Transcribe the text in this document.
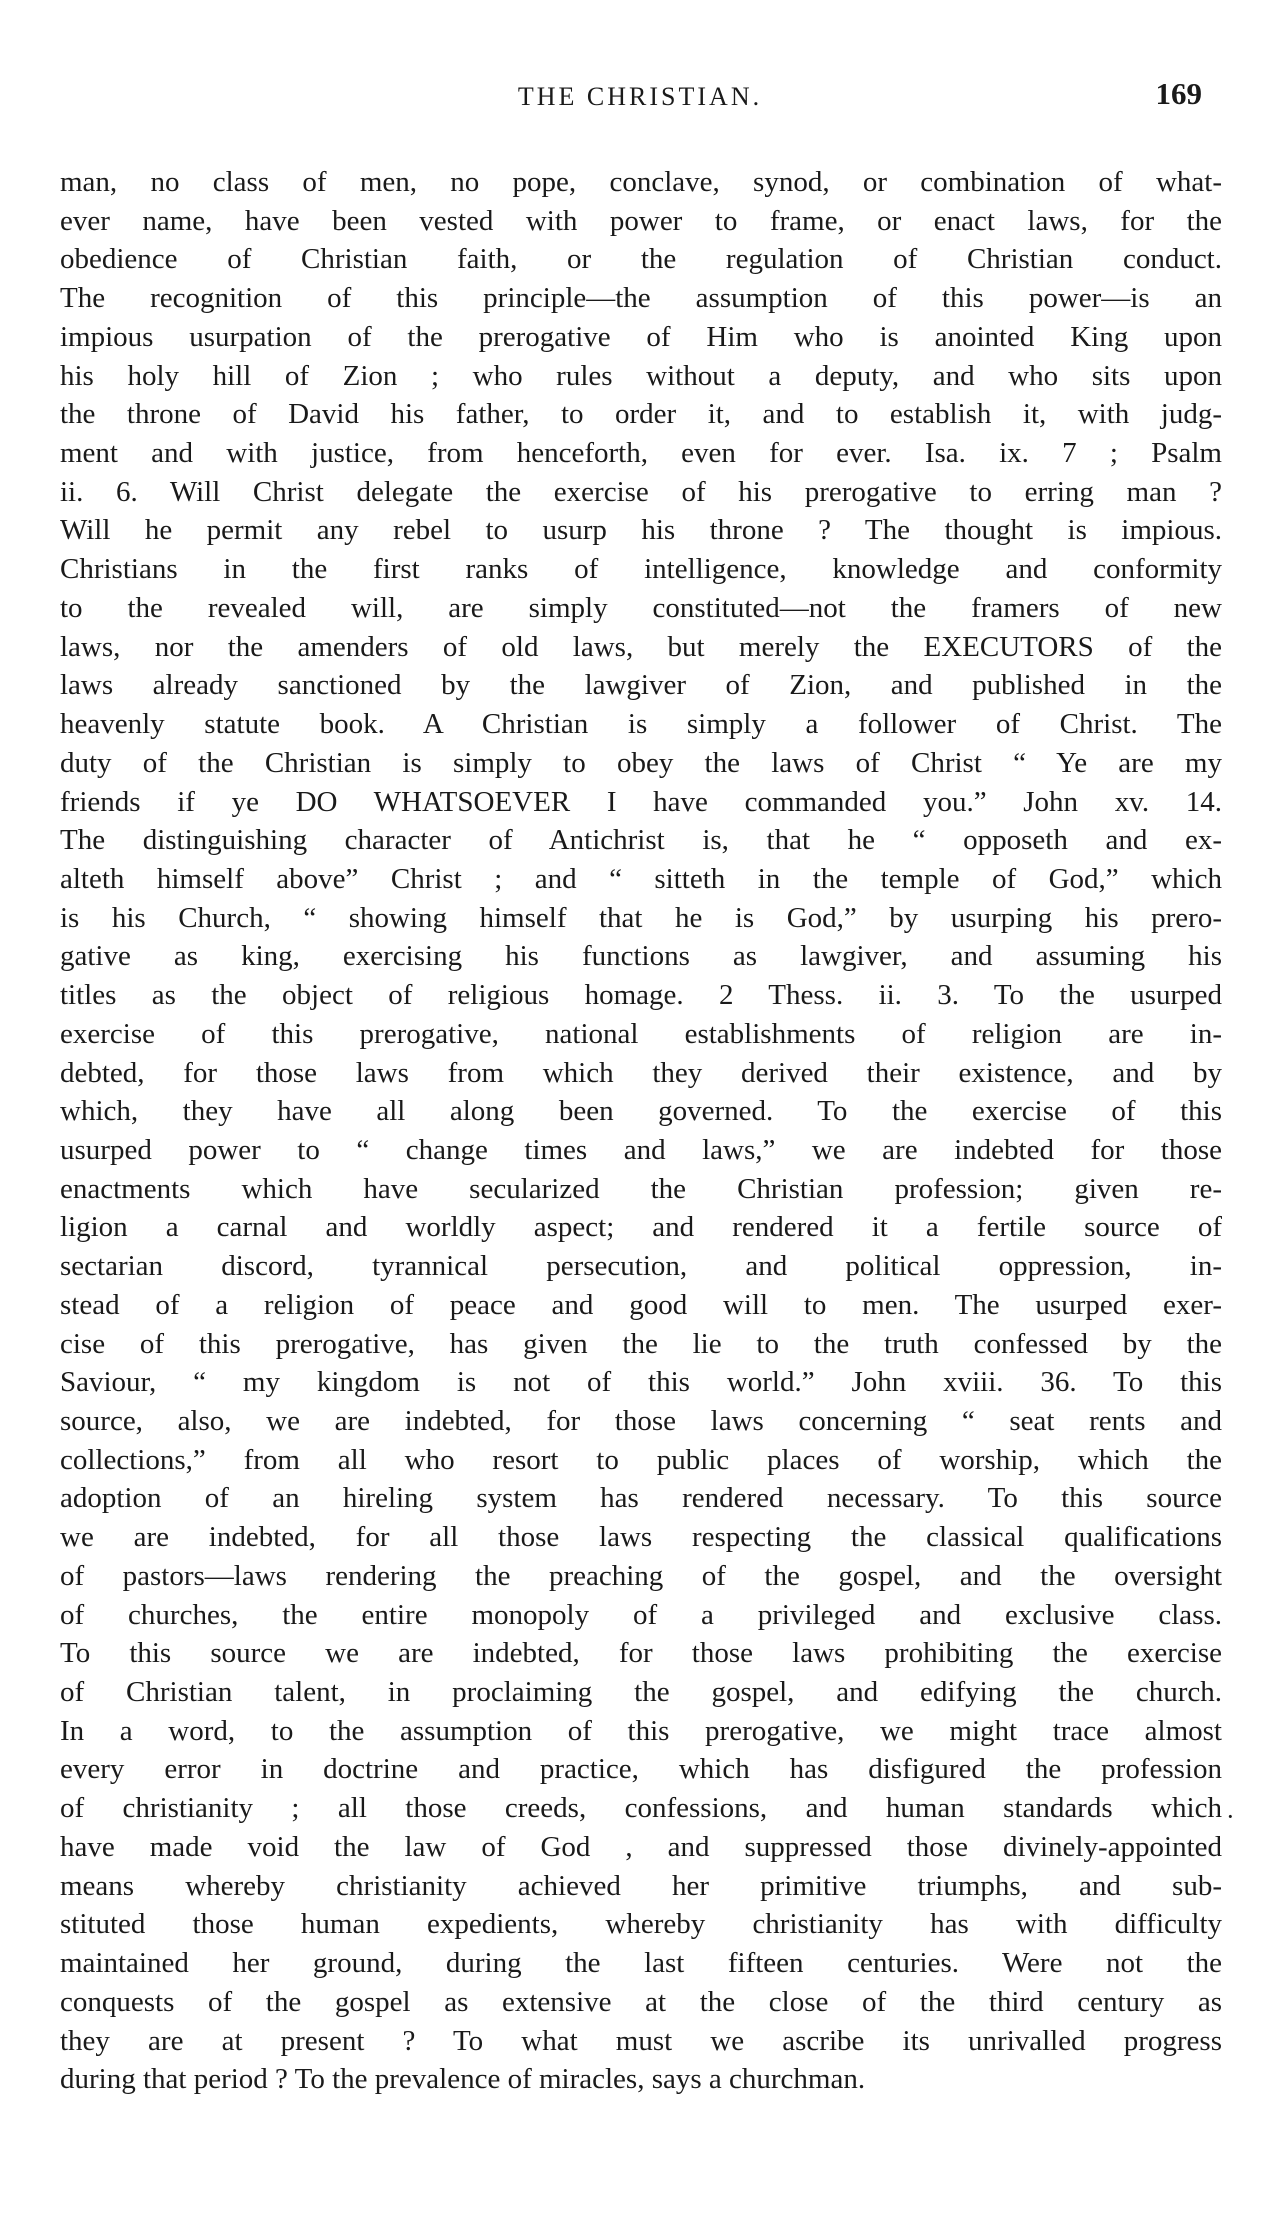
THE CHRISTIAN.	169
man, no class of men, no pope, conclave, synod, or combination of what-
ever name, have been vested with power to frame, or enact laws, for the
obedience of Christian faith, or the regulation of Christian conduct.
The recognition of this principle—the assumption of this power—is an
impious usurpation of the prerogative of Him who is anointed King upon
his holy hill of Zion ; who rules without a deputy, and who sits upon
the throne of David his father, to order it, and to establish it, with judg-
ment and with justice, from henceforth, even for ever. Isa. ix. 7 ; Psalm
ii. 6. Will Christ delegate the exercise of his prerogative to erring man ?
Will he permit any rebel to usurp his throne ? The thought is impious.
Christians in the first ranks of intelligence, knowledge and conformity
to the revealed will, are simply constituted—not the framers of new
laws, nor the amenders of old laws, but merely the EXECUTORS of the
laws already sanctioned by the lawgiver of Zion, and published in the
heavenly statute book. A Christian is simply a follower of Christ. The
duty of the Christian is simply to obey the laws of Christ “ Ye are my
friends if ye DO WHATSOEVER I have commanded you.” John xv. 14.
The distinguishing character of Antichrist is, that he “ opposeth and ex-
alteth himself above” Christ ; and “ sitteth in the temple of God,” which
is his Church, “ showing himself that he is God,” by usurping his prero-
gative as king, exercising his functions as lawgiver, and assuming his
titles as the object of religious homage. 2 Thess. ii. 3. To the usurped
exercise of this prerogative, national establishments of religion are in-
debted, for those laws from which they derived their existence, and by
which, they have all along been governed. To the exercise of this
usurped power to “ change times and laws,” we are indebted for those
enactments which have secularized the Christian profession; given re-
ligion a carnal and worldly aspect; and rendered it a fertile source of
sectarian discord, tyrannical persecution, and political oppression, in-
stead of a religion of peace and good will to men. The usurped exer-
cise of this prerogative, has given the lie to the truth confessed by the
Saviour, “ my kingdom is not of this world.” John xviii. 36. To this
source, also, we are indebted, for those laws concerning “ seat rents and
collections,” from all who resort to public places of worship, which the
adoption of an hireling system has rendered necessary. To this source
we are indebted, for all those laws respecting the classical qualifications
of pastors—laws rendering the preaching of the gospel, and the oversight
of churches, the entire monopoly of a privileged and exclusive class.
To this source we are indebted, for those laws prohibiting the exercise
of Christian talent, in proclaiming the gospel, and edifying the church.
In a word, to the assumption of this prerogative, we might trace almost
every error in doctrine and practice, which has disfigured the profession
of christianity ; all those creeds, confessions, and human standards which
have made void the law of God , and suppressed those divinely-appointed
means whereby christianity achieved her primitive triumphs, and sub-
stituted those human expedients, whereby christianity has with difficulty
maintained her ground, during the last fifteen centuries. Were not the
conquests of the gospel as extensive at the close of the third century as
they are at present ? To what must we ascribe its unrivalled progress
during that period ? To the prevalence of miracles, says a churchman.
·
